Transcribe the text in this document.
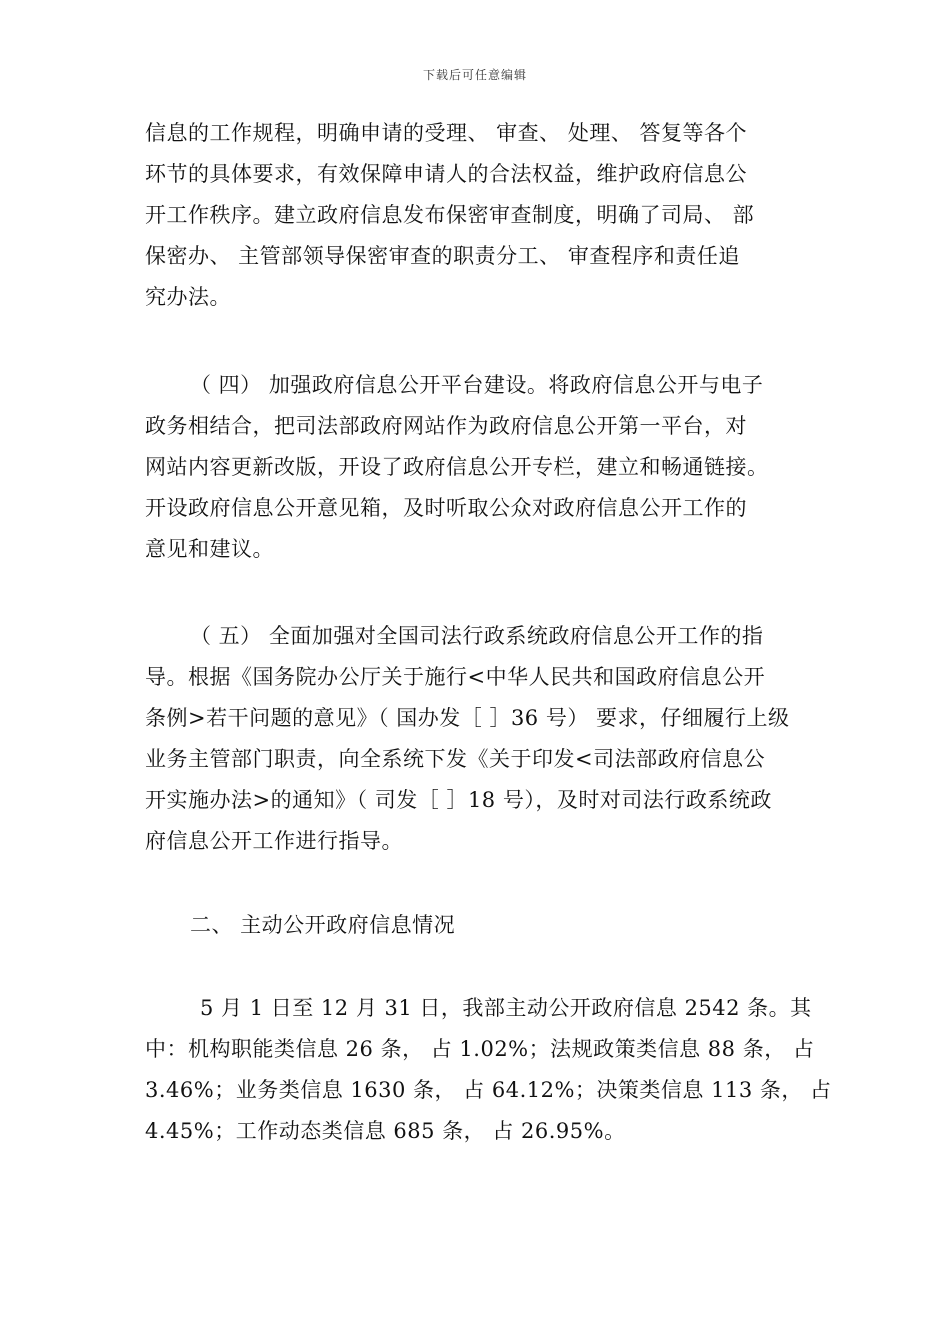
下载后可任意编辑
信息的工作规程，明确申请的受理、 审查、 处理、 答复等各个
环节的具体要求，有效保障申请人的合法权益，维护政府信息公
开工作秩序。建立政府信息发布保密审查制度，明确了司局、 部
保密办、 主管部领导保密审查的职责分工、 审查程序和责任追
究办法。
（ 四） 加强政府信息公开平台建设。将政府信息公开与电子
政务相结合，把司法部政府网站作为政府信息公开第一平台，对
网站内容更新改版，开设了政府信息公开专栏，建立和畅通链接。
开设政府信息公开意见箱，及时听取公众对政府信息公开工作的
意见和建议。
（ 五） 全面加强对全国司法行政系统政府信息公开工作的指
导。根据《国务院办公厅关于施行<中华人民共和国政府信息公开
条例>若干问题的意见》（ 国办发［ ］36 号） 要求，仔细履行上级
业务主管部门职责，向全系统下发《关于印发<司法部政府信息公
开实施办法>的通知》（ 司发［ ］18 号），及时对司法行政系统政
府信息公开工作进行指导。
二、 主动公开政府信息情况
5 月 1 日至 12 月 31 日，我部主动公开政府信息 2542 条。其
中：机构职能类信息 26 条， 占 1.02%；法规政策类信息 88 条， 占
3.46%；业务类信息 1630 条， 占 64.12%；决策类信息 113 条， 占
4.45%；工作动态类信息 685 条， 占 26.95%。
